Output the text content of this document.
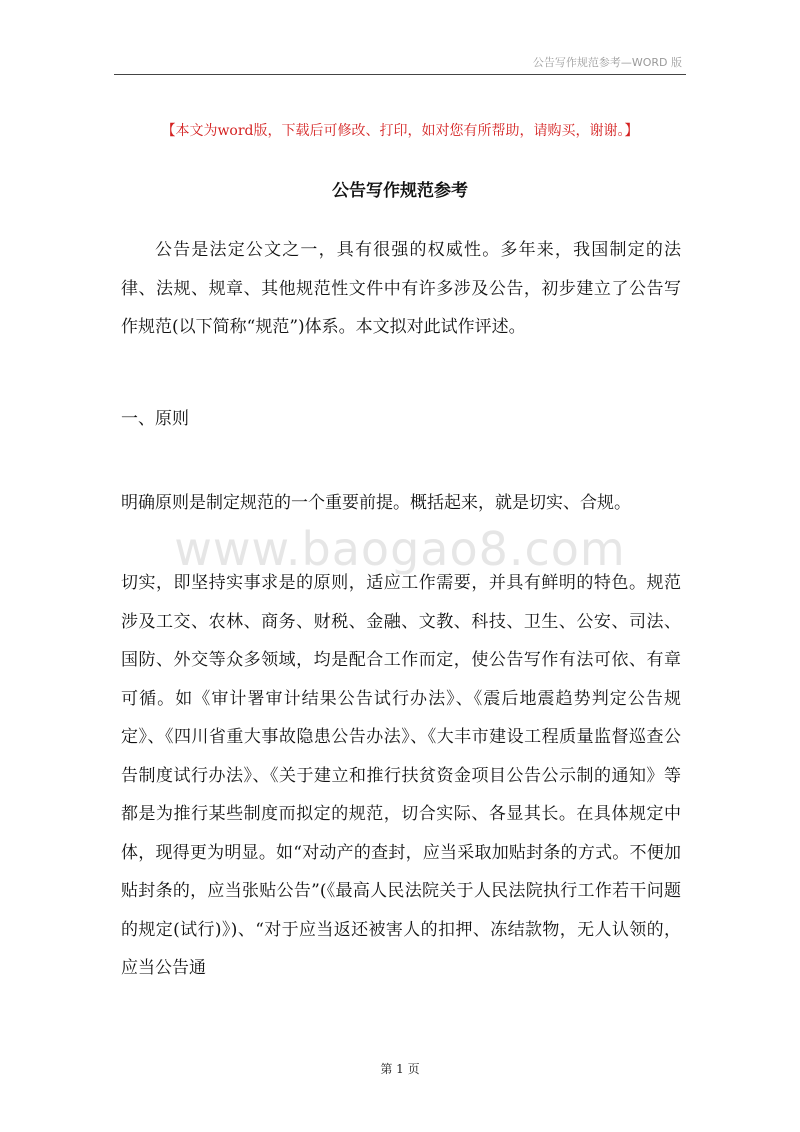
公告写作规范参考—WORD 版
【本文为word版，下载后可修改、打印，如对您有所帮助，请购买，谢谢。】
公告写作规范参考

公告是法定公文之一，具有很强的权威性。多年来，我国制定的法律、法规、规章、其他规范性文件中有许多涉及公告，初步建立了公告写作规范(以下简称“规范”)体系。本文拟对此试作评述。

一、原则

明确原则是制定规范的一个重要前提。概括起来，就是切实、合规。

www.baogao8.com

切实，即坚持实事求是的原则，适应工作需要，并具有鲜明的特色。规范涉及工交、农林、商务、财税、金融、文教、科技、卫生、公安、司法、国防、外交等众多领域，均是配合工作而定，使公告写作有法可依、有章可循。如《审计署审计结果公告试行办法》、《震后地震趋势判定公告规定》、《四川省重大事故隐患公告办法》、《大丰市建设工程质量监督巡查公告制度试行办法》、《关于建立和推行扶贫资金项目公告公示制的通知》等都是为推行某些制度而拟定的规范，切合实际、各显其长。在具体规定中体，现得更为明显。如“对动产的查封，应当采取加贴封条的方式。不便加贴封条的，应当张贴公告”(《最高人民法院关于人民法院执行工作若干问题的规定(试行)》)、“对于应当返还被害人的扣押、冻结款物，无人认领的，应当公告通

第 1 页
